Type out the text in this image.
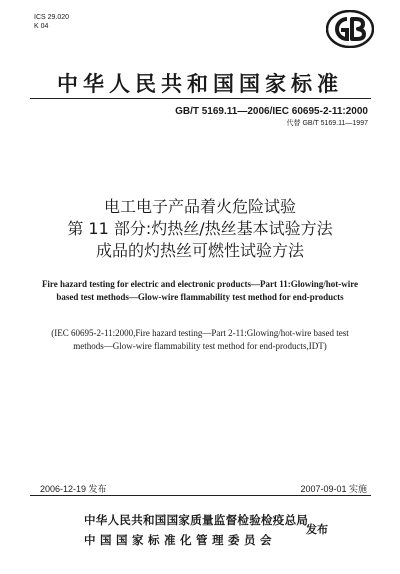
ICS 29.020
K 04
中华人民共和国国家标准
GB/T 5169.11—2006/IEC 60695-2-11:2000
代替 GB/T 5169.11—1997
电工电子产品着火危险试验
第 11 部分:灼热丝/热丝基本试验方法
成品的灼热丝可燃性试验方法
Fire hazard testing for electric and electronic products—Part 11:Glowing/hot-wire based test methods—Glow-wire flammability test method for end-products
(IEC 60695-2-11:2000,Fire hazard testing—Part 2-11:Glowing/hot-wire based test methods—Glow-wire flammability test method for end-products,IDT)
2006-12-19 发布	2007-09-01 实施
中华人民共和国国家质量监督检验检疫总局
中国国家标准化管理委员会
发布
